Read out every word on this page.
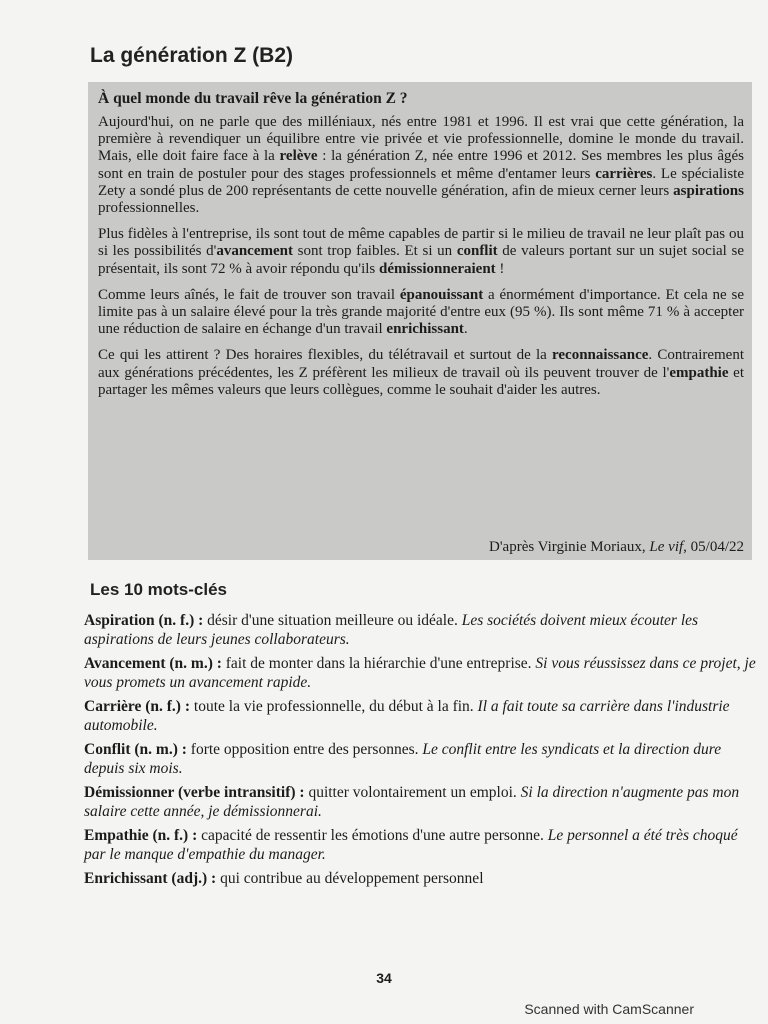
La génération Z (B2)
À quel monde du travail rêve la génération Z ?

Aujourd'hui, on ne parle que des milléniaux, nés entre 1981 et 1996. Il est vrai que cette génération, la première à revendiquer un équilibre entre vie privée et vie professionnelle, domine le monde du travail. Mais, elle doit faire face à la relève : la génération Z, née entre 1996 et 2012. Ses membres les plus âgés sont en train de postuler pour des stages professionnels et même d'entamer leurs carrières. Le spécialiste Zety a sondé plus de 200 représentants de cette nouvelle génération, afin de mieux cerner leurs aspirations professionnelles.

Plus fidèles à l'entreprise, ils sont tout de même capables de partir si le milieu de travail ne leur plaît pas ou si les possibilités d'avancement sont trop faibles. Et si un conflit de valeurs portant sur un sujet social se présentait, ils sont 72 % à avoir répondu qu'ils démissionneraient !

Comme leurs aînés, le fait de trouver son travail épanouissant a énormément d'importance. Et cela ne se limite pas à un salaire élevé pour la très grande majorité d'entre eux (95 %). Ils sont même 71 % à accepter une réduction de salaire en échange d'un travail enrichissant.

Ce qui les attirent ? Des horaires flexibles, du télétravail et surtout de la reconnaissance. Contrairement aux générations précédentes, les Z préfèrent les milieux de travail où ils peuvent trouver de l'empathie et partager les mêmes valeurs que leurs collègues, comme le souhait d'aider les autres.

D'après Virginie Moriaux, Le vif, 05/04/22
Les 10 mots-clés
Aspiration (n. f.) : désir d'une situation meilleure ou idéale. Les sociétés doivent mieux écouter les aspirations de leurs jeunes collaborateurs.
Avancement (n. m.) : fait de monter dans la hiérarchie d'une entreprise. Si vous réussissez dans ce projet, je vous promets un avancement rapide.
Carrière (n. f.) : toute la vie professionnelle, du début à la fin. Il a fait toute sa carrière dans l'industrie automobile.
Conflit (n. m.) : forte opposition entre des personnes. Le conflit entre les syndicats et la direction dure depuis six mois.
Démissionner (verbe intransitif) : quitter volontairement un emploi. Si la direction n'augmente pas mon salaire cette année, je démissionnerai.
Empathie (n. f.) : capacité de ressentir les émotions d'une autre personne. Le personnel a été très choqué par le manque d'empathie du manager.
Enrichissant (adj.) : qui contribue au développement personnel
34
Scanned with CamScanner
